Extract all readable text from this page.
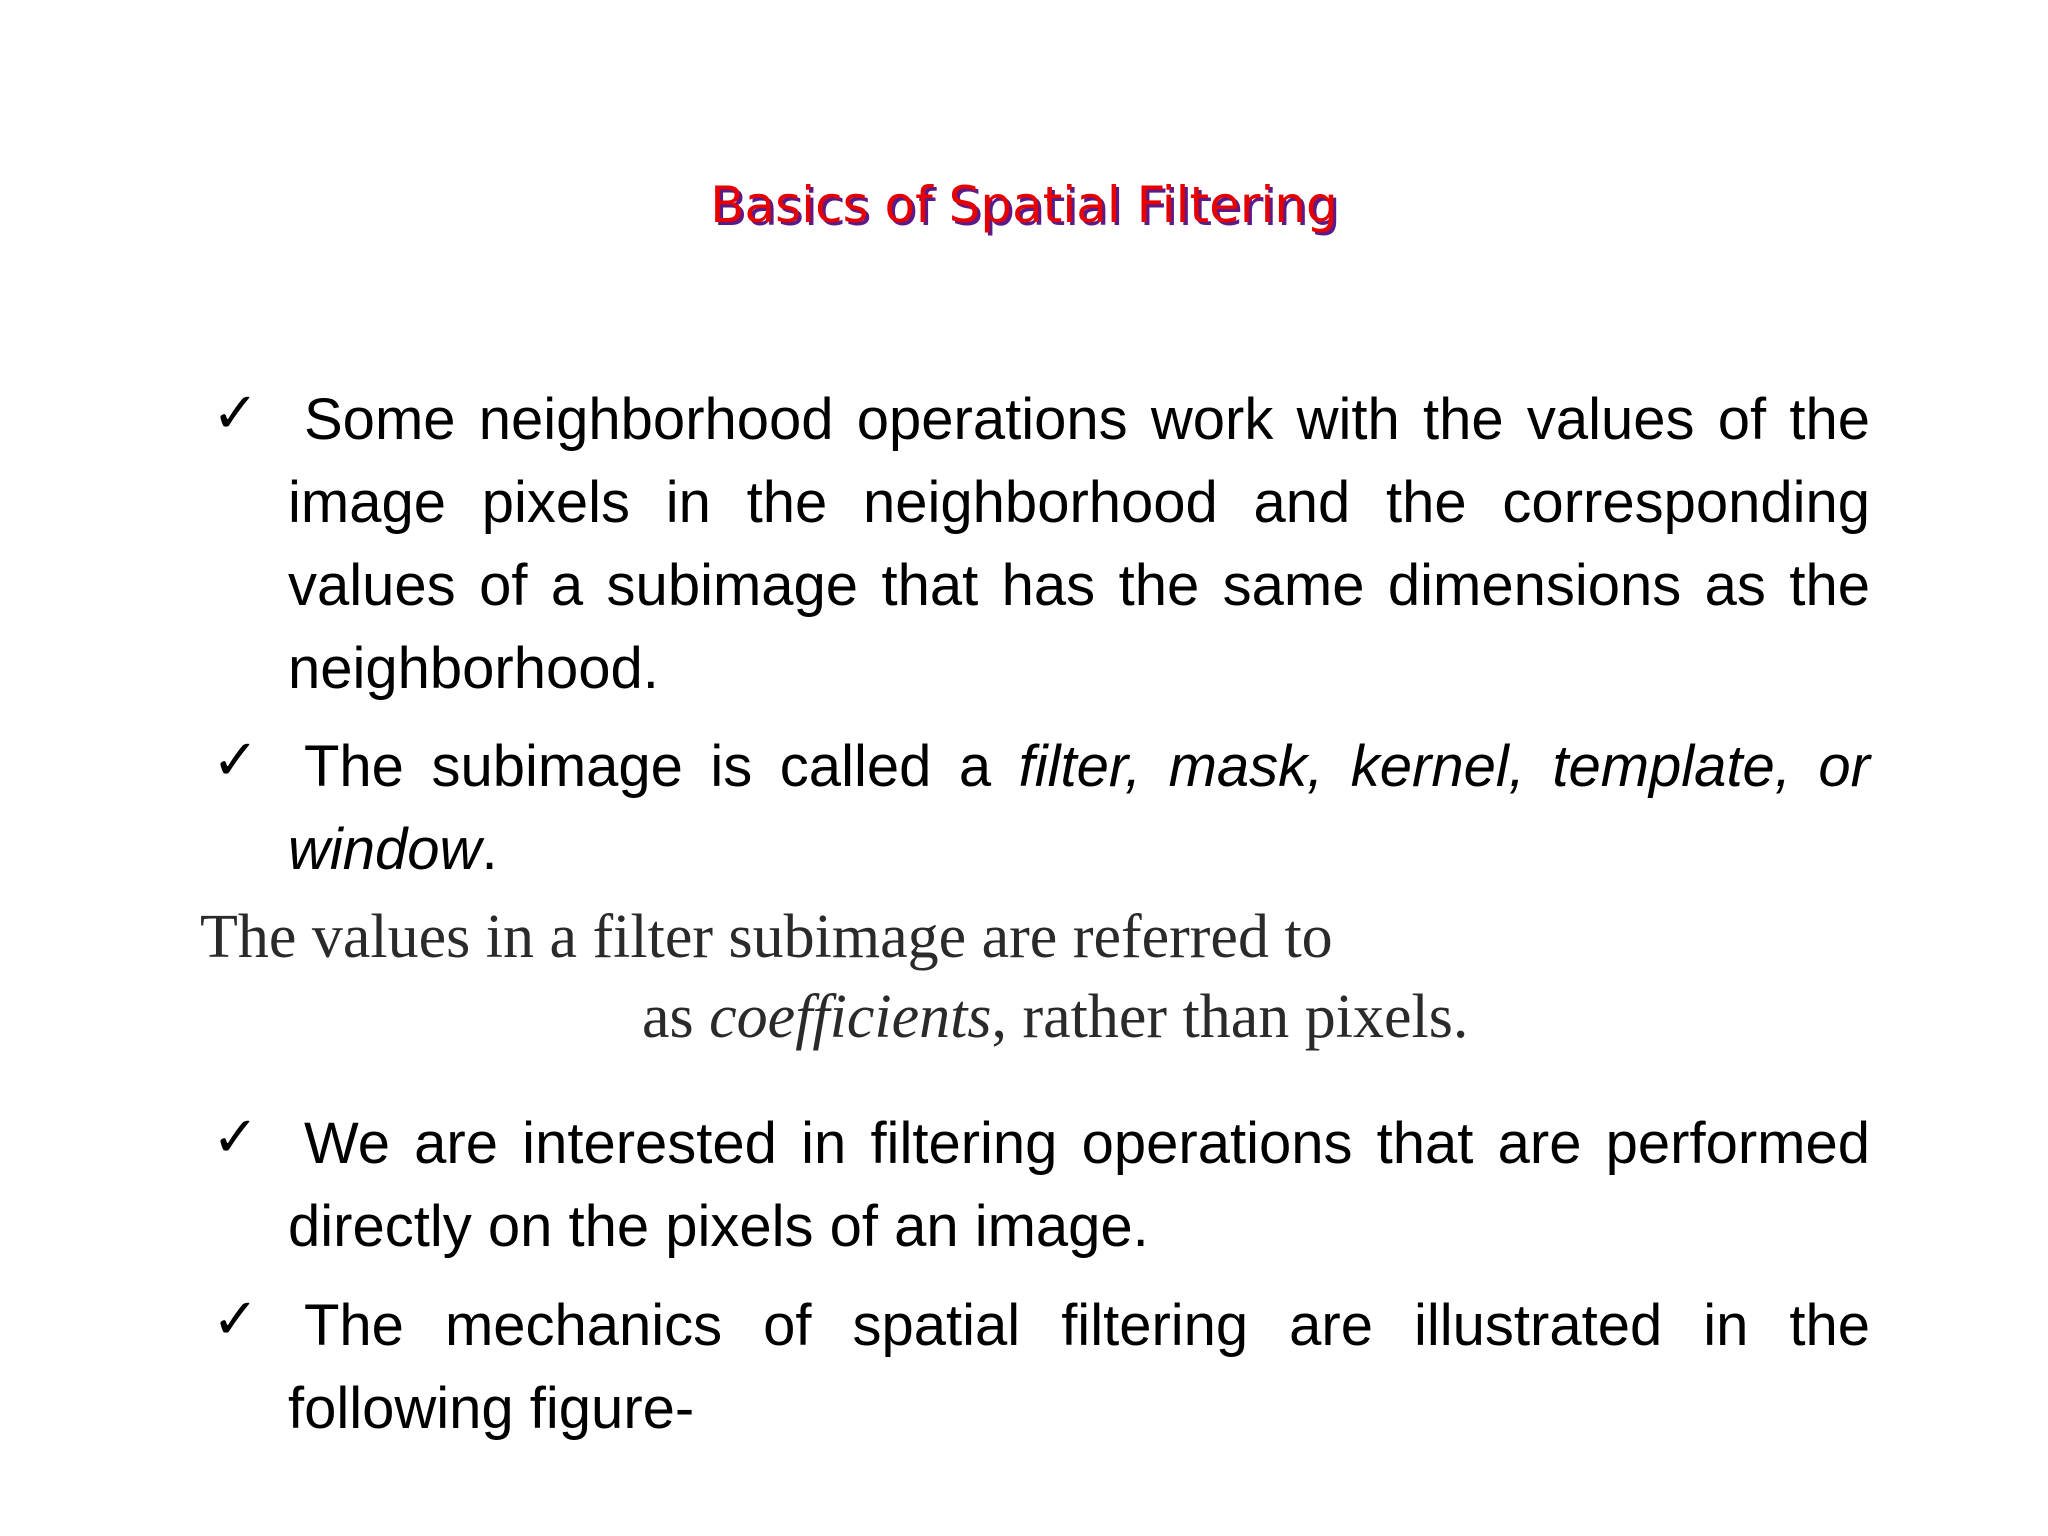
Basics of Spatial Filtering
✓ Some neighborhood operations work with the values of the image pixels in the neighborhood and the corresponding values of a subimage that has the same dimensions as the neighborhood.
✓ The subimage is called a filter, mask, kernel, template, or window.
The values in a filter subimage are referred to
as coefficients, rather than pixels.
✓ We are interested in filtering operations that are performed directly on the pixels of an image.
✓ The mechanics of spatial filtering are illustrated in the following figure-
